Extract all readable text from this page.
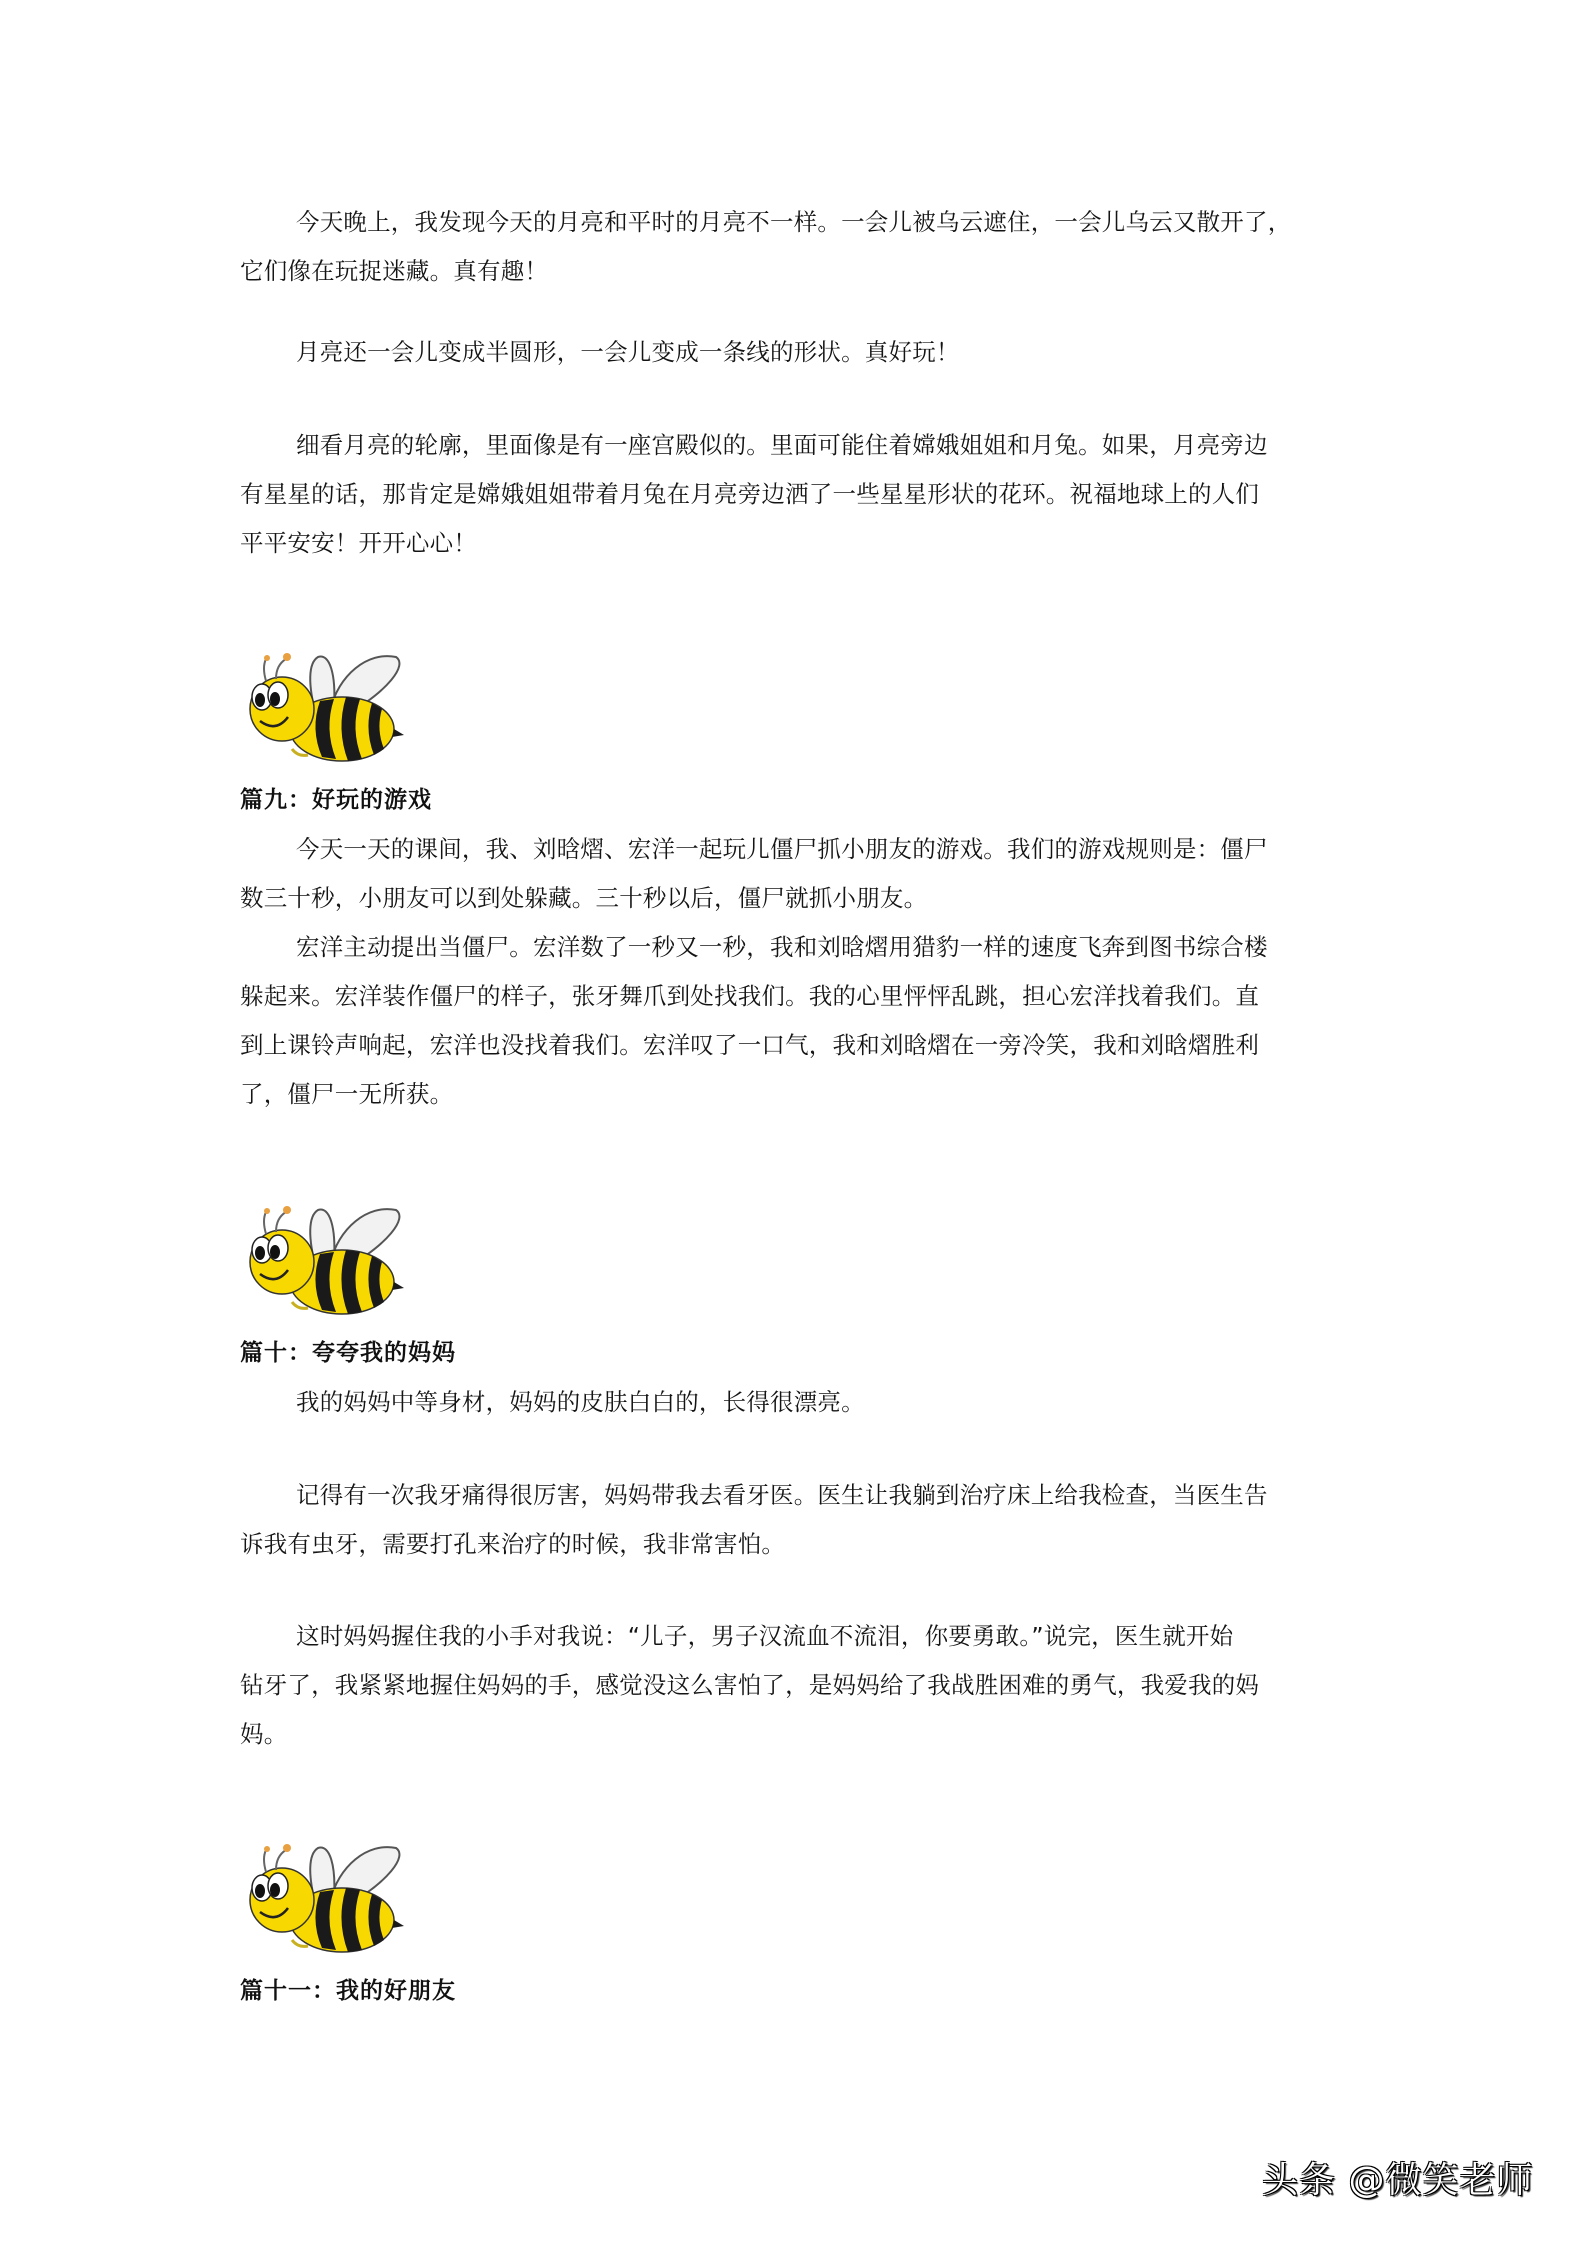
今天晚上，我发现今天的月亮和平时的月亮不一样。一会儿被乌云遮住，一会儿乌云又散开了，
它们像在玩捉迷藏。真有趣！
月亮还一会儿变成半圆形，一会儿变成一条线的形状。真好玩！
细看月亮的轮廓，里面像是有一座宫殿似的。里面可能住着嫦娥姐姐和月兔。如果，月亮旁边
有星星的话，那肯定是嫦娥姐姐带着月兔在月亮旁边洒了一些星星形状的花环。祝福地球上的人们
平平安安！开开心心！
篇九：好玩的游戏
今天一天的课间，我、刘晗熠、宏洋一起玩儿僵尸抓小朋友的游戏。我们的游戏规则是：僵尸
数三十秒，小朋友可以到处躲藏。三十秒以后，僵尸就抓小朋友。
宏洋主动提出当僵尸。宏洋数了一秒又一秒，我和刘晗熠用猎豹一样的速度飞奔到图书综合楼
躲起来。宏洋装作僵尸的样子，张牙舞爪到处找我们。我的心里怦怦乱跳，担心宏洋找着我们。直
到上课铃声响起，宏洋也没找着我们。宏洋叹了一口气，我和刘晗熠在一旁冷笑，我和刘晗熠胜利
了，僵尸一无所获。
篇十：夸夸我的妈妈
我的妈妈中等身材，妈妈的皮肤白白的，长得很漂亮。
记得有一次我牙痛得很厉害，妈妈带我去看牙医。医生让我躺到治疗床上给我检查，当医生告
诉我有虫牙，需要打孔来治疗的时候，我非常害怕。
这时妈妈握住我的小手对我说：“儿子，男子汉流血不流泪，你要勇敢。”说完，医生就开始
钻牙了，我紧紧地握住妈妈的手，感觉没这么害怕了，是妈妈给了我战胜困难的勇气，我爱我的妈
妈。
篇十一：我的好朋友
头条 @微笑老师
